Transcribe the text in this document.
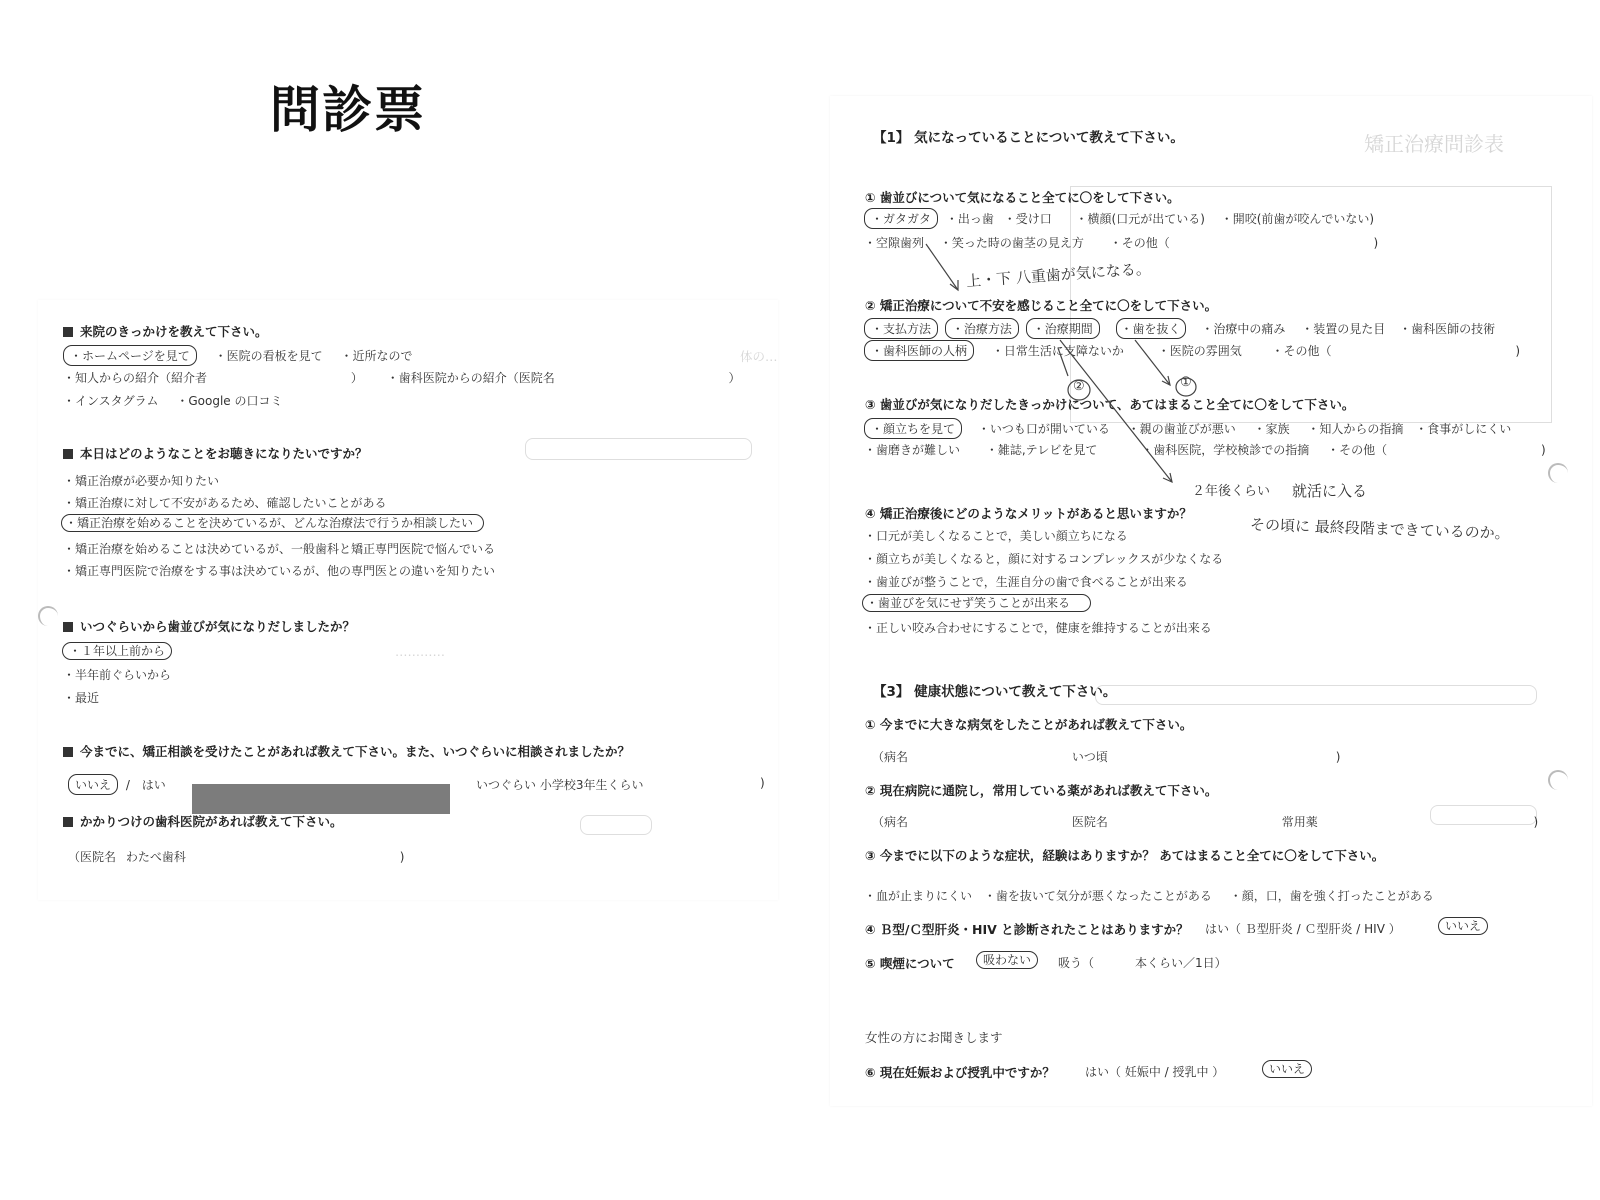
問診票
体の…
…………
来院のきっかけを教えて下さい。
・ホームページを見て ・医院の看板を見て ・近所なので
・知人からの紹介（紹介者	） ・歯科医院からの紹介（医院名	）
・インスタグラム ・Google の口コミ
本日はどのようなことをお聴きになりたいですか？
・矯正治療が必要か知りたい
・矯正治療に対して不安があるため、確認したいことがある
・矯正治療を始めることを決めているが、どんな治療法で行うか相談したい
・矯正治療を始めることは決めているが、一般歯科と矯正専門医院で悩んでいる
・矯正専門医院で治療をする事は決めているが、他の専門医との違いを知りたい
いつぐらいから歯並びが気になりだしましたか？
・１年以上前から
・半年前ぐらいから
・最近
今までに、矯正相談を受けたことがあれば教えて下さい。また、いつぐらいに相談されましたか？
いいえ / はい	いつぐらい 小学校3年生くらい	)
かかりつけの歯科医院があれば教えて下さい。
（医院名 わたべ歯科	)
矯正治療問診表
【1】 気になっていることについて教えて下さい。
① 歯並びについて気になること全てに〇をして下さい。
・ガタガタ ・出っ歯 ・受け口 ・横顔(口元が出ている) ・開咬(前歯が咬んでいない)
・空隙歯列 ・笑った時の歯茎の見え方 ・その他（	)
上・下 八重歯が気になる。
② 矯正治療について不安を感じること全てに〇をして下さい。
・支払方法 ・治療方法 ・治療期間 ・歯を抜く ・治療中の痛み ・装置の見た目 ・歯科医師の技術
・歯科医師の人柄 ・日常生活に支障ないか	・医院の雰囲気 ・その他（	)
①
②
③ 歯並びが気になりだしたきっかけについて、あてはまること全てに〇をして下さい。
・顔立ちを見て ・いつも口が開いている ・親の歯並びが悪い ・家族 ・知人からの指摘 ・食事がしにくい
・歯磨きが難しい ・雑誌,テレビを見て	・歯科医院，学校検診での指摘 ・その他（	)
２年後くらい 就活に入る
その頃に 最終段階まできているのか。
④ 矯正治療後にどのようなメリットがあると思いますか？
・口元が美しくなることで，美しい顔立ちになる
・顔立ちが美しくなると，顔に対するコンプレックスが少なくなる
・歯並びが整うことで，生涯自分の歯で食べることが出来る
・歯並びを気にせず笑うことが出来る
・正しい咬み合わせにすることで，健康を維持することが出来る
【3】 健康状態について教えて下さい。
① 今までに大きな病気をしたことがあれば教えて下さい。
（病名	いつ頃	)
② 現在病院に通院し，常用している薬があれば教えて下さい。
（病名	医院名	常用薬	)
③ 今までに以下のような症状，経験はありますか？ あてはまること全てに〇をして下さい。
・血が止まりにくい ・歯を抜いて気分が悪くなったことがある ・顔，口，歯を強く打ったことがある
④ Ｂ型/Ｃ型肝炎・HIV と診断されたことはありますか？ はい（ Ｂ型肝炎 / Ｃ型肝炎 / HIV ）	いいえ
⑤ 喫煙について	吸わない	吸う（	本くらい／1日）
女性の方にお聞きします
⑥ 現在妊娠および授乳中ですか？	はい（ 妊娠中 / 授乳中 ）	いいえ
